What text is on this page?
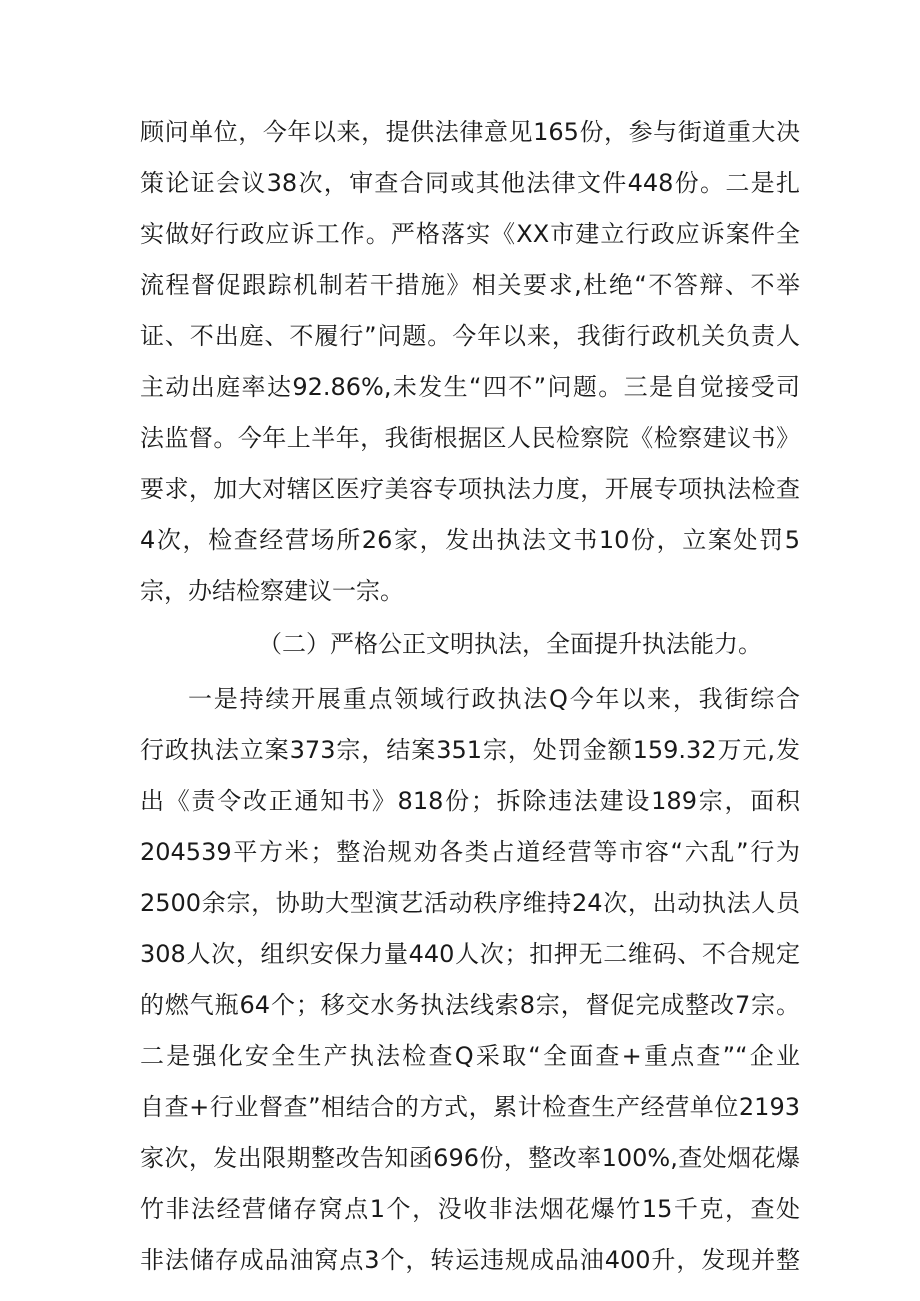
顾问单位，今年以来，提供法律意见165份，参与街道重大决
策论证会议38次，审查合同或其他法律文件448份。二是扎
实做好行政应诉工作。严格落实《XX市建立行政应诉案件全
流程督促跟踪机制若干措施》相关要求,杜绝“不答辩、不举
证、不出庭、不履行”问题。今年以来，我街行政机关负责人
主动出庭率达92.86%,未发生“四不”问题。三是自觉接受司
法监督。今年上半年，我街根据区人民检察院《检察建议书》
要求，加大对辖区医疗美容专项执法力度，开展专项执法检查
4次，检查经营场所26家，发出执法文书10份，立案处罚5
宗，办结检察建议一宗。
（二）严格公正文明执法，全面提升执法能力。
一是持续开展重点领域行政执法Q今年以来，我街综合
行政执法立案373宗，结案351宗，处罚金额159.32万元,发
出《责令改正通知书》818份；拆除违法建设189宗，面积
204539平方米；整治规劝各类占道经营等市容“六乱”行为
2500余宗，协助大型演艺活动秩序维持24次，出动执法人员
308人次，组织安保力量440人次；扣押无二维码、不合规定
的燃气瓶64个；移交水务执法线索8宗，督促完成整改7宗。
二是强化安全生产执法检查Q采取“全面查+重点查”“企业
自查+行业督查”相结合的方式，累计检查生产经营单位2193
家次，发出限期整改告知函696份，整改率100%,查处烟花爆
竹非法经营储存窝点1个，没收非法烟花爆竹15千克，查处
非法储存成品油窝点3个，转运违规成品油400升，发现并整
